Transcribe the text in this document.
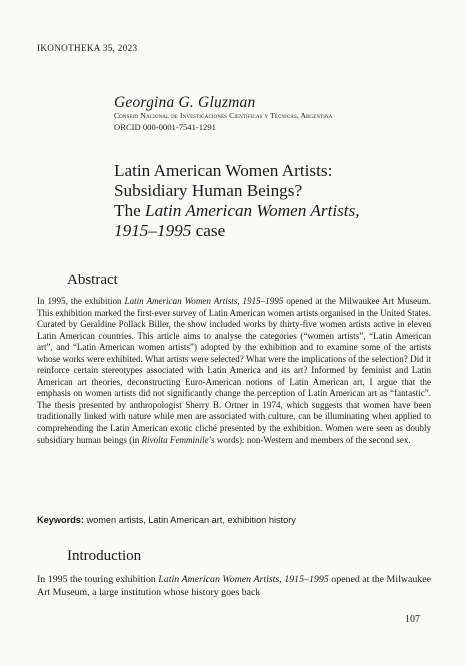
IKONOTHEKA 35, 2023
Georgina G. Gluzman
Consejo Nacional de Investigaciones Científicas y Técnicas, Argentina
ORCID 000-0001-7541-1291
Latin American Women Artists:
Subsidiary Human Beings?
The Latin American Women Artists,
1915–1995 case
Abstract
In 1995, the exhibition Latin American Women Artists, 1915–1995 opened at the Milwaukee Art Museum. This exhibition marked the first-ever survey of Latin American women artists organised in the United States. Curated by Geraldine Pollack Biller, the show included works by thirty-five women artists active in eleven Latin American countries. This article aims to analyse the categories (“women artists”, “Latin American art”, and “Latin American women artists”) adopted by the exhibition and to examine some of the artists whose works were exhibited. What artists were selected? What were the implications of the selection? Did it reinforce certain stereotypes associated with Latin America and its art? Informed by feminist and Latin American art theories, deconstructing Euro-American notions of Latin American art, I argue that the emphasis on women artists did not significantly change the perception of Latin American art as “fantastic”. The thesis presented by anthropologist Sherry B. Ortner in 1974, which suggests that women have been traditionally linked with nature while men are associated with culture, can be illuminating when applied to comprehending the Latin American exotic cliché presented by the exhibition. Women were seen as doubly subsidiary human beings (in Rivolta Femminile’s words): non-Western and members of the second sex.
Keywords: women artists, Latin American art, exhibition history
Introduction
In 1995 the touring exhibition Latin American Women Artists, 1915–1995 opened at the Milwaukee Art Museum, a large institution whose history goes back
107
